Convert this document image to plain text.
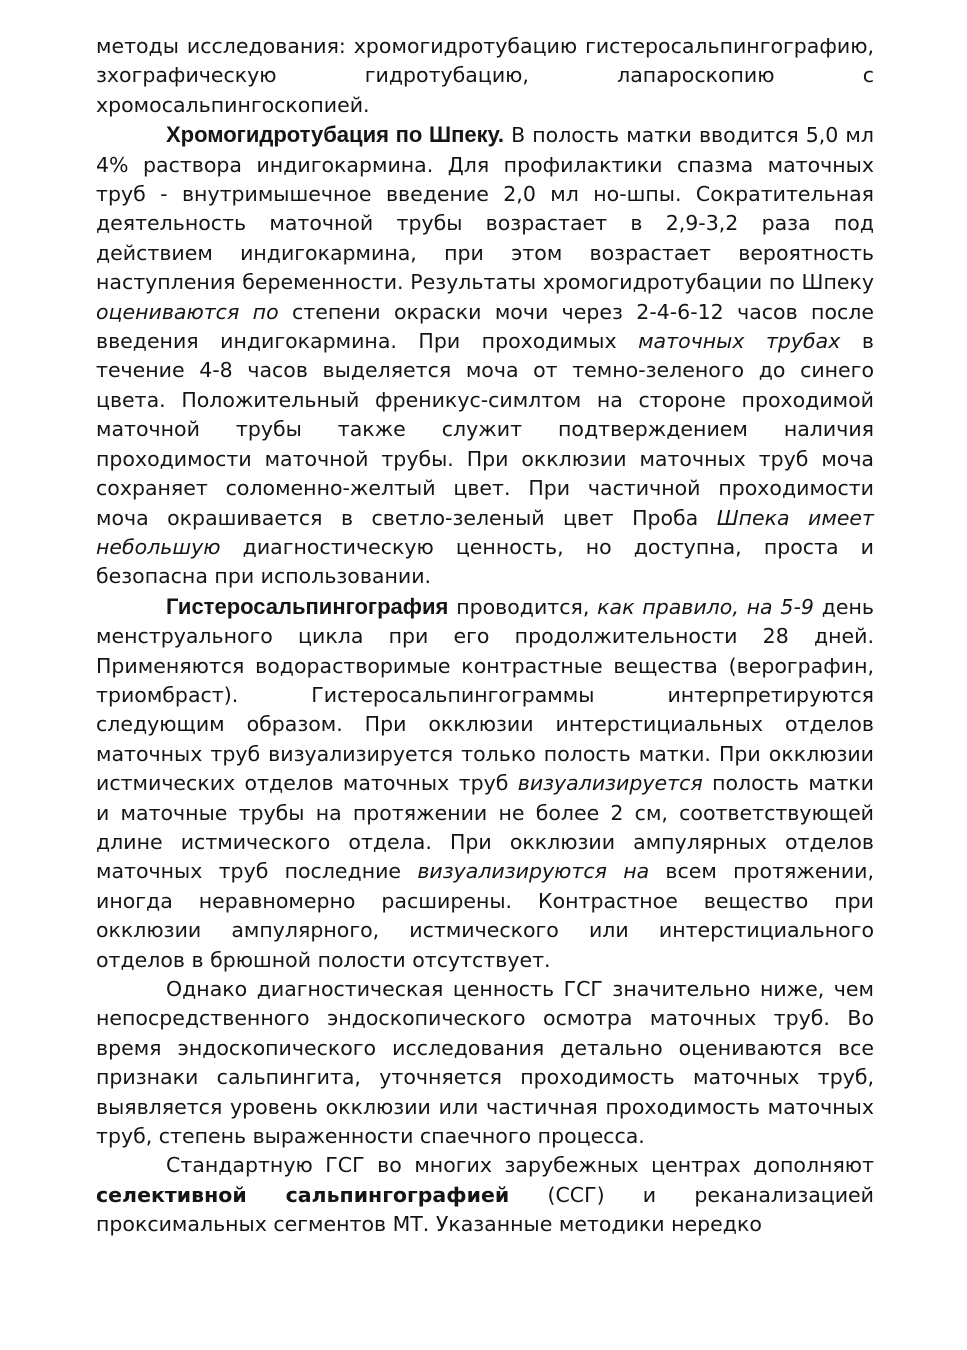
методы исследования: хромогидротубацию гистеросальпингографию, зхографическую гидротубацию, лапароскопию с хромосальпингоскопией.

Хромогидротубация по Шпеку. В полость матки вводится 5,0 мл 4% раствора индигокармина. Для профилактики спазма маточных труб - внутримышечное введение 2,0 мл но-шпы. Сократительная деятельность маточной трубы возрастает в 2,9-3,2 раза под действием индигокармина, при этом возрастает вероятность наступления беременности. Результаты хромогидротубации по Шпеку оцениваются по степени окраски мочи через 2-4-6-12 часов после введения индигокармина. При проходимых маточных трубах в течение 4-8 часов выделяется моча от темно-зеленого до синего цвета. Положительный френикус-симлтом на стороне проходимой маточной трубы также служит подтверждением наличия проходимости маточной трубы. При окклюзии маточных труб моча сохраняет соломенно-желтый цвет. При частичной проходимости моча окрашивается в светло-зеленый цвет Проба Шпека имеет небольшую диагностическую ценность, но доступна, проста и безопасна при использовании.

Гистеросальпингография проводится, как правило, на 5-9 день менструального цикла при его продолжительности 28 дней. Применяются водорастворимые контрастные вещества (верографин, триомбраст). Гистеросальпингограммы интерпретируются следующим образом. При окклюзии интерстициальных отделов маточных труб визуализируется только полость матки. При окклюзии истмических отделов маточных труб визуализируется полость матки и маточные трубы на протяжении не более 2 см, соответствующей длине истмического отдела. При окклюзии ампулярных отделов маточных труб последние визуализируются на всем протяжении, иногда неравномерно расширены. Контрастное вещество при окклюзии ампулярного, истмического или интерстициального отделов в брюшной полости отсутствует.

Однако диагностическая ценность ГСГ значительно ниже, чем непосредственного эндоскопического осмотра маточных труб. Во время эндоскопического исследования детально оцениваются все признаки сальпингита, уточняется проходимость маточных труб, выявляется уровень окклюзии или частичная проходимость маточных труб, степень выраженности спаечного процесса.

Стандартную ГСГ во многих зарубежных центрах дополняют селективной сальпингографией (ССГ) и реканализацией проксимальных сегментов МТ. Указанные методики нередко
